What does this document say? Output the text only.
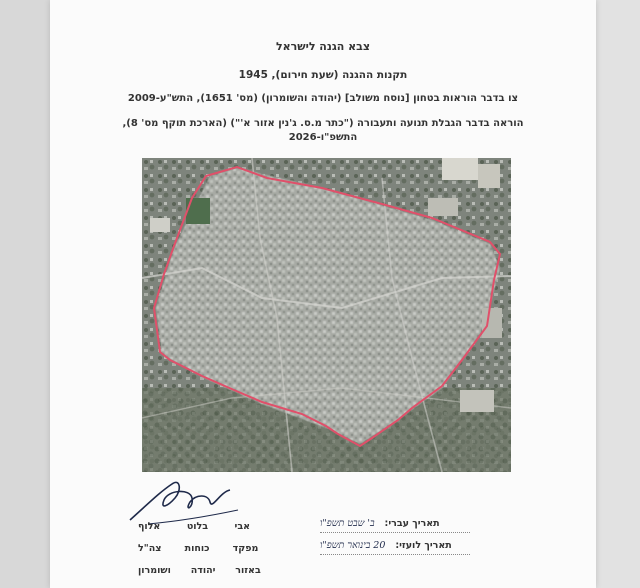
צבא הגנה לישראל
תקנות ההגנה (שעת חירום), 1945
צו בדבר הוראות בטחון [נוסח משולב] (יהודה והשומרון) (מס' 1651), התש"ע-2009
הוראה בדבר הגבלת תנועה ותעבורה ("כתר מ.ס. ג'נין אזור א'") (הארכת תוקף מס' 8),
התשפ"ו-2026
אבי        בלוט        אלוף
מפקד       כוחות       צה"ל
באזור      יהודה      ושומרון
תאריך עברי:   ב' שבט תשפ"ו
תאריך לועזי:   20 בינואר תשפ"ו
